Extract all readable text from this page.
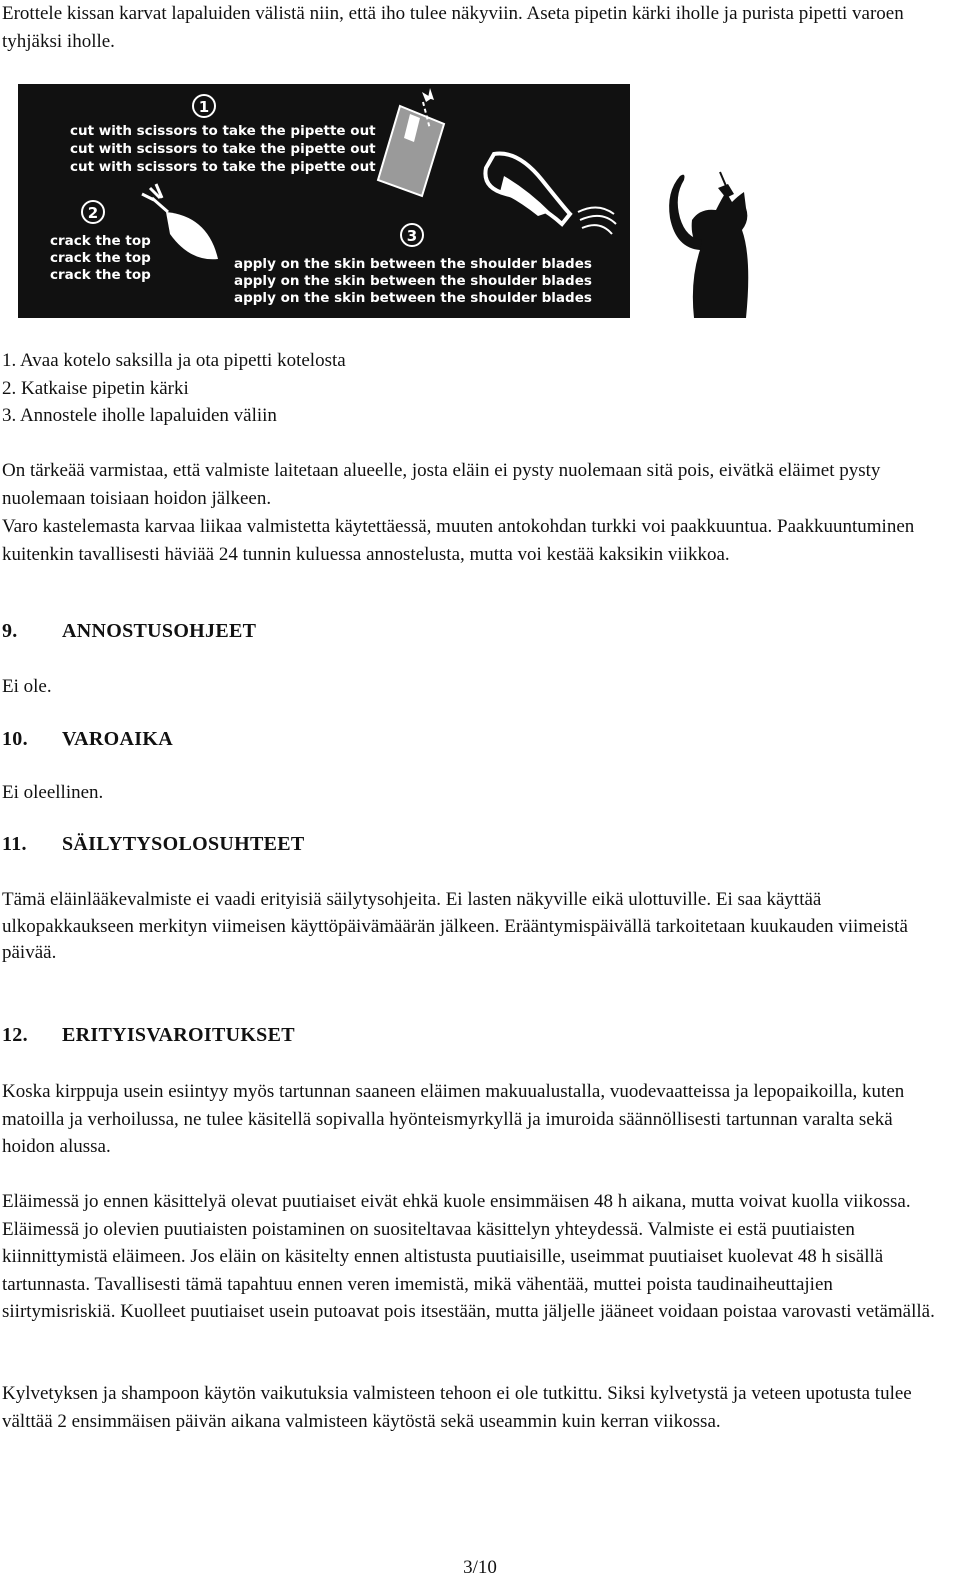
Erottele kissan karvat lapaluiden välistä niin, että iho tulee näkyviin. Aseta pipetin kärki iholle ja purista pipetti varoen tyhjäksi iholle.

1
cut with scissors to take the pipette out
cut with scissors to take the pipette out
cut with scissors to take the pipette out
2
crack the top
crack the top
crack the top
3
apply on the skin between the shoulder blades
apply on the skin between the shoulder blades
apply on the skin between the shoulder blades
1. Avaa kotelo saksilla ja ota pipetti kotelosta
2. Katkaise pipetin kärki
3. Annostele iholle lapaluiden väliin

On tärkeää varmistaa, että valmiste laitetaan alueelle, josta eläin ei pysty nuolemaan sitä pois, eivätkä eläimet pysty nuolemaan toisiaan hoidon jälkeen.

Varo kastelemasta karvaa liikaa valmistetta käytettäessä, muuten antokohdan turkki voi paakkuuntua. Paakkuuntuminen kuitenkin tavallisesti häviää 24 tunnin kuluessa annostelusta, mutta voi kestää kaksikin viikkoa.

9. ANNOSTUSOHJEET

Ei ole.

10. VAROAIKA

Ei oleellinen.

11. SÄILYTYSOLOSUHTEET

Tämä eläinlääkevalmiste ei vaadi erityisiä säilytysohjeita. Ei lasten näkyville eikä ulottuville. Ei saa käyttää ulkopakkaukseen merkityn viimeisen käyttöpäivämäärän jälkeen. Erääntymispäivällä tarkoitetaan kuukauden viimeistä päivää.

12. ERITYISVAROITUKSET

Koska kirppuja usein esiintyy myös tartunnan saaneen eläimen makuualustalla, vuodevaatteissa ja lepopaikoilla, kuten matoilla ja verhoilussa, ne tulee käsitellä sopivalla hyönteismyrkyllä ja imuroida säännöllisesti tartunnan varalta sekä hoidon alussa.

Eläimessä jo ennen käsittelyä olevat puutiaiset eivät ehkä kuole ensimmäisen 48 h aikana, mutta voivat kuolla viikossa. Eläimessä jo olevien puutiaisten poistaminen on suositeltavaa käsittelyn yhteydessä. Valmiste ei estä puutiaisten kiinnittymistä eläimeen. Jos eläin on käsitelty ennen altistusta puutiaisille, useimmat puutiaiset kuolevat 48 h sisällä tartunnasta. Tavallisesti tämä tapahtuu ennen veren imemistä, mikä vähentää, muttei poista taudinaiheuttajien siirtymisriskiä. Kuolleet puutiaiset usein putoavat pois itsestään, mutta jäljelle jääneet voidaan poistaa varovasti vetämällä.

Kylvetyksen ja shampoon käytön vaikutuksia valmisteen tehoon ei ole tutkittu. Siksi kylvetystä ja veteen upotusta tulee välttää 2 ensimmäisen päivän aikana valmisteen käytöstä sekä useammin kuin kerran viikossa.

3/10
